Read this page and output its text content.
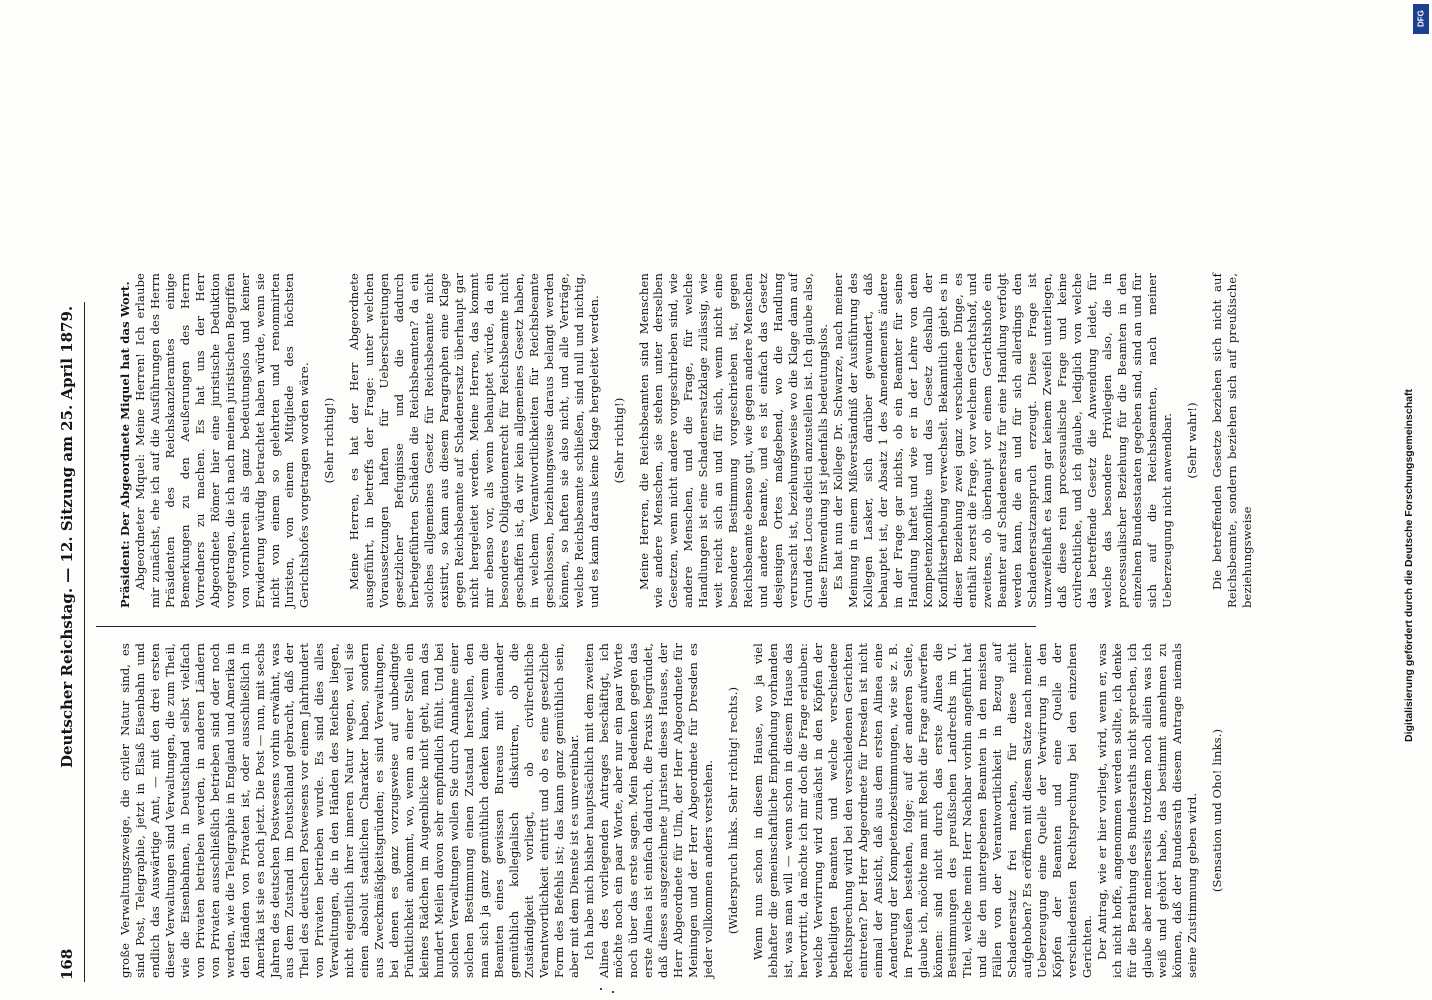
168
Deutscher Reichstag. — 12. Sitzung am 25. April 1879.

große Verwaltungszweige, die civiler Natur sind, es sind Post, Telegraphie, jetzt in Elsaß Eisenbahn und endlich das Auswärtige Amt, — mit den drei ersten dieser Verwaltungen sind Verwaltungen, die zum Theil, wie die Eisenbahnen, in Deutschland selbst vielfach von Privaten betrieben werden, in anderen Ländern von Privaten ausschließlich betrieben sind oder noch werden, wie die Telegraphie in England und Amerika in den Händen von Privaten ist, oder ausschließlich in Amerika ist sie es noch jetzt. Die Post — nun, mit sechs Jahren des deutschen Postwesens vorhin erwähnt, was aus dem Zustand im Deutschland gebracht, daß der Theil des deutschen Postwesens vor einem Jahrhundert von Privaten betrieben wurde. Es sind dies alles Verwaltungen, die in den Händen des Reiches liegen, nicht eigentlich ihrer inneren Natur wegen, weil sie einen absolut staatlichen Charakter haben, sondern aus Zweckmäßigkeitsgründen; es sind Verwaltungen, bei denen es ganz vorzugsweise auf unbedingte Pünktlichkeit ankommt, wo, wenn an einer Stelle ein kleines Rädchen im Augenblicke nicht geht, man das hundert Meilen davon sehr empfindlich fühlt. Und bei solchen Verwaltungen wollen Sie durch Annahme einer solchen Bestimmung einen Zustand herstellen, den man sich ja ganz gemüthlich denken kann, wenn die Beamten eines gewissen Bureaus mit einander gemüthlich kollegialisch diskutiren, ob die Zuständigkeit vorliegt, ob civilrechtliche Verantwortlichkeit eintritt und ob es eine gesetzliche Form des Befehls ist; das kann ganz gemüthlich sein, aber mit dem Dienste ist es unvereinbar. Ich habe mich bisher hauptsächlich mit dem zweiten Alinea des vorliegenden Antrages beschäftigt, ich möchte noch ein paar Worte, aber nur ein paar Worte noch über das erste sagen. Mein Bedenken gegen das erste Alinea ist einfach dadurch, die Praxis begründet, daß dieses ausgezeichnete Juristen dieses Hauses, der Herr Abgeordnete für Ulm, der Herr Abgeordnete für Meiningen und der Herr Abgeordnete für Dresden es jeder vollkommen anders verstehen. (Widerspruch links. Sehr richtig! rechts.) Wenn nun schon in diesem Hause, wo ja viel lebhafter die gemeinschaftliche Empfindung vorhanden ist, was man will — wenn schon in diesem Hause das hervortritt, da möchte ich mir doch die Frage erlauben: welche Verwirrung wird zunächst in den Köpfen der betheiligten Beamten und welche verschiedene Rechtsprechung wird bei den verschiedenen Gerichten eintreten? Der Herr Abgeordnete für Dresden ist nicht einmal der Ansicht, daß aus dem ersten Alinea eine Aenderung der Kompetenzbestimmungen, wie sie z. B. in Preußen bestehen, folge; auf der anderen Seite, glaube ich, möchte man mit Recht die Frage aufwerfen können: sind nicht durch das erste Alinea die Bestimmungen des preußischen Landrechts im VI. Titel, welche mein Herr Nachbar vorhin angeführt hat und die den untergebenen Beamten in den meisten Fällen von der Verantwortlichkeit in Bezug auf Schadenersatz frei machen, für diese nicht aufgehoben? Es eröffnen mit diesem Satze nach meiner Ueberzeugung eine Quelle der Verwirrung in den Köpfen der Beamten und eine Quelle der verschiedensten Rechtsprechung bei den einzelnen Gerichten. Der Antrag, wie er hier vorliegt, wird, wenn er, was ich nicht hoffe, angenommen werden sollte, ich denke für die Berathung des Bundesraths nicht sprechen, ich glaube aber meinerseits trotzdem noch allein was ich weiß und gehört habe, das bestimmt annehmen zu können, daß der Bundesrath diesem Antrage niemals seine Zustimmung geben wird. (Sensation und Oho! links.)

Präsident: Der Abgeordnete Miquel hat das Wort. Abgeordneter Miquel: Meine Herren! Ich erlaube mir zunächst, ehe ich auf die Ausführungen des Herrn Präsidenten des Reichskanzleramtes einige Bemerkungen zu den Aeußerungen des Herrn Vorredners zu machen. Es hat uns der Herr Abgeordnete Römer hier eine juristische Deduktion vorgetragen, die ich nach meinen juristischen Begriffen von vornherein als ganz bedeutungslos und keiner Erwiderung würdig betrachtet haben würde, wenn sie nicht von einem so gelehrten und renommirten Juristen, von einem Mitgliede des höchsten Gerichtshofes vorgetragen worden wäre. (Sehr richtig!) Meine Herren, es hat der Herr Abgeordnete ausgeführt, in betreffs der Frage: unter welchen Voraussetzungen haften für Ueberschreitungen gesetzlicher Befugnisse und die dadurch herbeigeführten Schäden die Reichsbeamten? da ein solches allgemeines Gesetz für Reichsbeamte nicht existirt, so kann aus diesem Paragraphen eine Klage gegen Reichsbeamte auf Schadenersatz überhaupt gar nicht hergeleitet werden. Meine Herren, das kommt mir ebenso vor, als wenn behauptet würde, da ein besonderes Obligationenrecht für Reichsbeamte nicht geschaffen ist, da wir kein allgemeines Gesetz haben, in welchem Verantwortlichkeiten für Reichsbeamte geschlossen, beziehungsweise daraus belangt werden können, so haften sie also nicht, und alle Verträge, welche Reichsbeamte schließen, sind null und nichtig, und es kann daraus keine Klage hergeleitet werden. (Sehr richtig!) Meine Herren, die Reichsbeamten sind Menschen wie andere Menschen, sie stehen unter derselben Gesetzen, wenn nicht andere vorgeschrieben sind, wie andere Menschen, und die Frage, für welche Handlungen ist eine Schadenersatzklage zulässig, wie weit reicht sich an und für sich, wenn nicht eine besondere Bestimmung vorgeschrieben ist, gegen Reichsbeamte ebenso gut, wie gegen andere Menschen und andere Beamte, und es ist einfach das Gesetz desjenigen Ortes maßgebend, wo die Handlung verursacht ist, beziehungsweise wo die Klage dann auf Grund des Locus delicti anzustellen ist. Ich glaube also, diese Einwendung ist jedenfalls bedeutungslos. Es hat nun der Kollege Dr. Schwarze, nach meiner Meinung in einem Mißverständniß der Ausführung des Kollegen Lasker, sich darüber gewundert, daß behauptet ist, der Absatz 1 des Amendements ändere in der Frage gar nichts, ob ein Beamter für seine Handlung haftet und wie er in der Lehre von dem Kompetenzkonflikte und das Gesetz deshalb der Konfliktserhebung verwechselt. Bekanntlich giebt es in dieser Beziehung zwei ganz verschiedene Dinge, es enthält zuerst die Frage, vor welchem Gerichtshof, und zweitens, ob überhaupt vor einem Gerichtshofe ein Beamter auf Schadenersatz für eine Handlung verfolgt werden kann, die an und für sich allerdings den Schadenersatzanspruch erzeugt. Diese Frage ist unzweifelhaft es kann gar keinem Zweifel unterliegen, daß diese rein processualische Frage und keine civilrechtliche, und ich glaube, lediglich von welche das betreffende Gesetz die Anwendung leidet, für welche das besondere Privilegien also, die in processualischer Beziehung für die Beamten in den einzelnen Bundesstaaten gegeben sind, sind an und für sich auf die Reichsbeamten, nach meiner Ueberzeugung nicht anwendbar. (Sehr wahr!) Die betreffenden Gesetze beziehen sich nicht auf Reichsbeamte, sondern beziehen sich auf preußische, beziehungsweise	Digitalisierung gefördert durch die Deutsche Forschungsgemeinschaft
DFG
